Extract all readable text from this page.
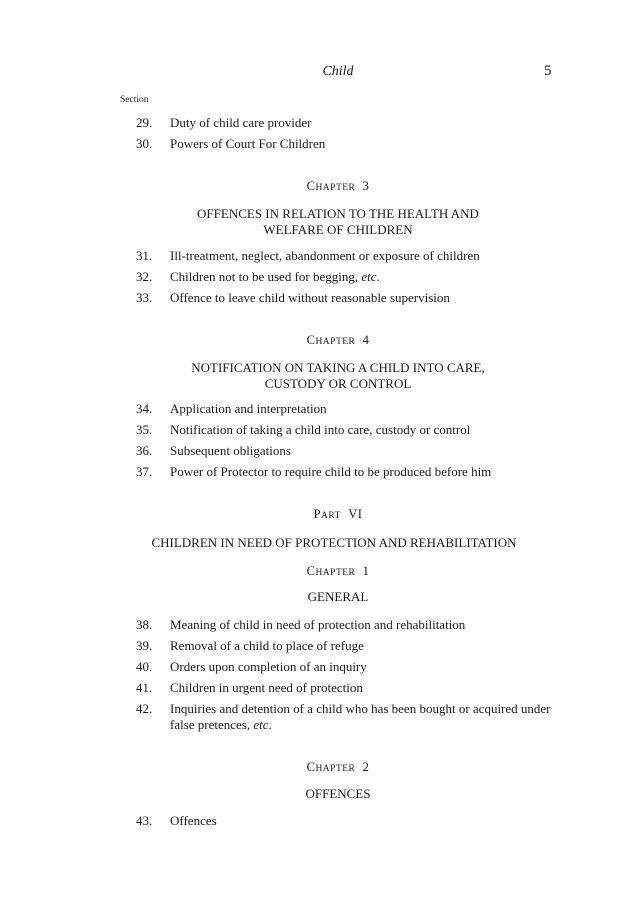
Child	5
Section
29. Duty of child care provider
30. Powers of Court For Children
CHAPTER 3
OFFENCES IN RELATION TO THE HEALTH AND
WELFARE OF CHILDREN
31. Ill-treatment, neglect, abandonment or exposure of children
32. Children not to be used for begging, etc.
33. Offence to leave child without reasonable supervision
CHAPTER 4
NOTIFICATION ON TAKING A CHILD INTO CARE,
CUSTODY OR CONTROL
34. Application and interpretation
35. Notification of taking a child into care, custody or control
36. Subsequent obligations
37. Power of Protector to require child to be produced before him
PART VI
CHILDREN IN NEED OF PROTECTION AND REHABILITATION
CHAPTER 1
GENERAL
38. Meaning of child in need of protection and rehabilitation
39. Removal of a child to place of refuge
40. Orders upon completion of an inquiry
41. Children in urgent need of protection
42. Inquiries and detention of a child who has been bought or acquired under false pretences, etc.
CHAPTER 2
OFFENCES
43. Offences
